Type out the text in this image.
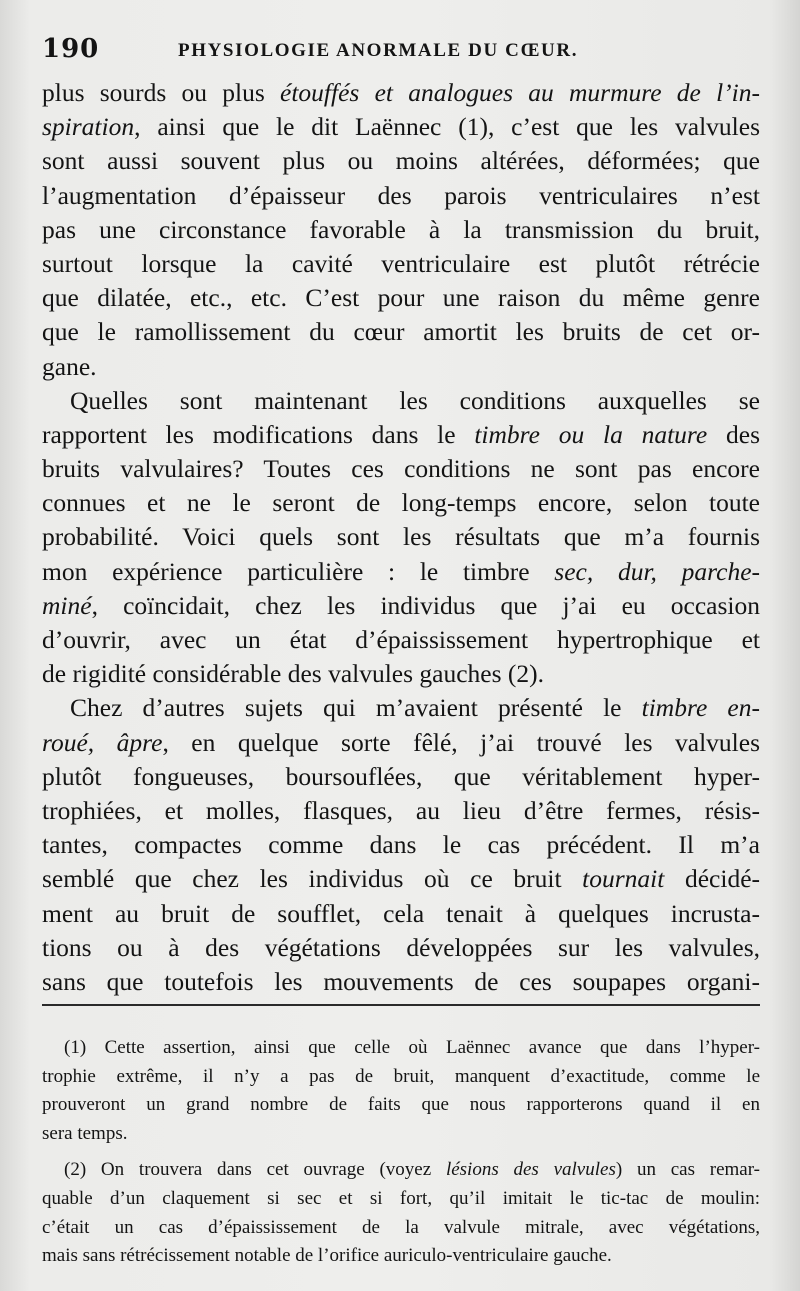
190	PHYSIOLOGIE ANORMALE DU CŒUR.
plus sourds ou plus étouffés et analogues au murmure de l’in-
spiration, ainsi que le dit Laënnec (1), c’est que les valvules
sont aussi souvent plus ou moins altérées, déformées; que
l’augmentation d’épaisseur des parois ventriculaires n’est
pas une circonstance favorable à la transmission du bruit,
surtout lorsque la cavité ventriculaire est plutôt rétrécie
que dilatée, etc., etc. C’est pour une raison du même genre
que le ramollissement du cœur amortit les bruits de cet or-
gane.
Quelles sont maintenant les conditions auxquelles se
rapportent les modifications dans le timbre ou la nature des
bruits valvulaires? Toutes ces conditions ne sont pas encore
connues et ne le seront de long-temps encore, selon toute
probabilité. Voici quels sont les résultats que m’a fournis
mon expérience particulière : le timbre sec, dur, parche-
miné, coïncidait, chez les individus que j’ai eu occasion
d’ouvrir, avec un état d’épaississement hypertrophique et
de rigidité considérable des valvules gauches (2).
Chez d’autres sujets qui m’avaient présenté le timbre en-
roué, âpre, en quelque sorte fêlé, j’ai trouvé les valvules
plutôt fongueuses, boursouflées, que véritablement hyper-
trophiées, et molles, flasques, au lieu d’être fermes, résis-
tantes, compactes comme dans le cas précédent. Il m’a
semblé que chez les individus où ce bruit tournait décidé-
ment au bruit de soufflet, cela tenait à quelques incrusta-
tions ou à des végétations développées sur les valvules,
sans que toutefois les mouvements de ces soupapes organi-
(1) Cette assertion, ainsi que celle où Laënnec avance que dans l’hyper-
trophie extrême, il n’y a pas de bruit, manquent d’exactitude, comme le
prouveront un grand nombre de faits que nous rapporterons quand il en
sera temps.
(2) On trouvera dans cet ouvrage (voyez lésions des valvules) un cas remar-
quable d’un claquement si sec et si fort, qu’il imitait le tic-tac de moulin:
c’était un cas d’épaississement de la valvule mitrale, avec végétations,
mais sans rétrécissement notable de l’orifice auriculo-ventriculaire gauche.
